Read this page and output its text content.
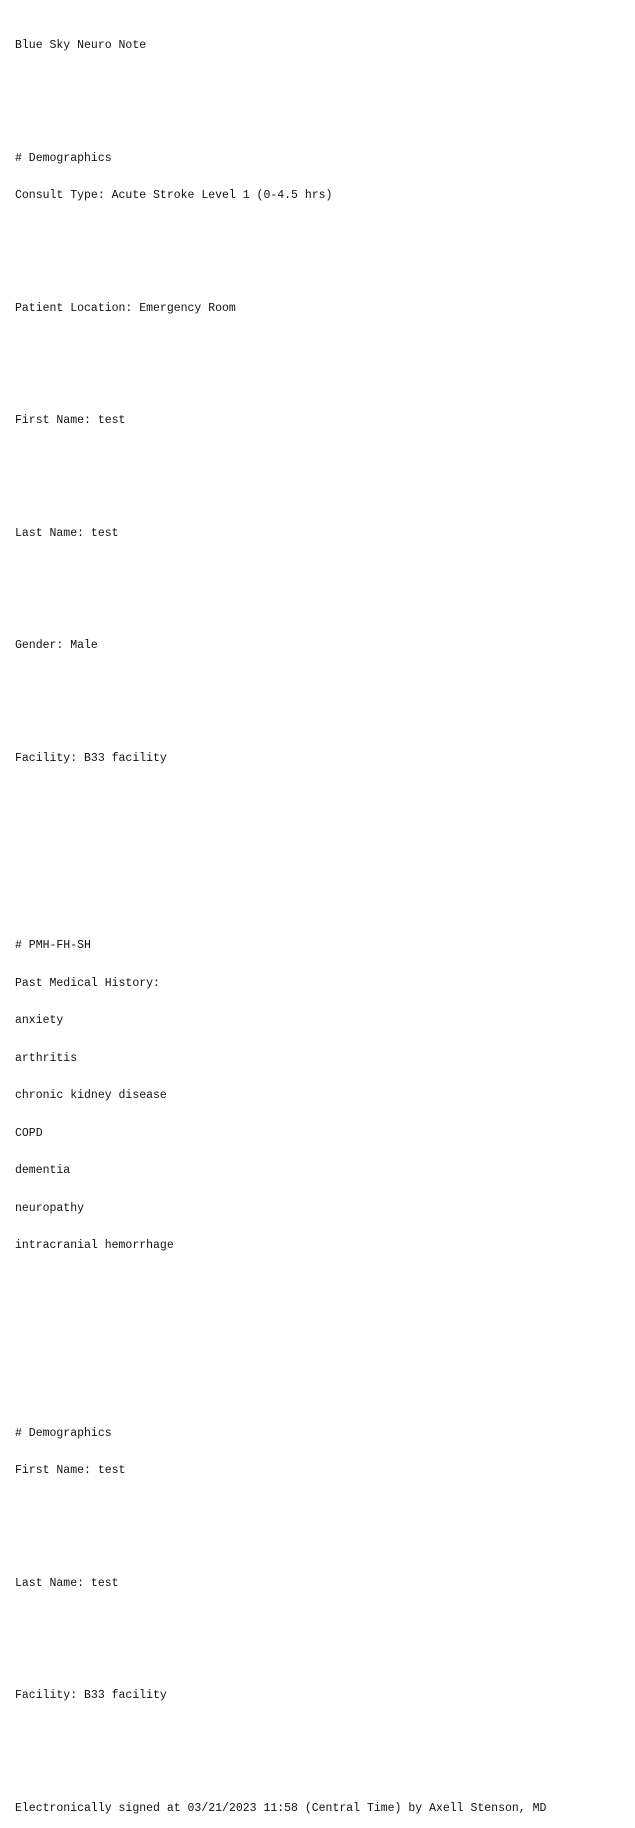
Blue Sky Neuro Note

# Demographics

Consult Type: Acute Stroke Level 1 (0-4.5 hrs)

Patient Location: Emergency Room

First Name: test

Last Name: test

Gender: Male

Facility: B33 facility

# PMH-FH-SH

Past Medical History:

anxiety

arthritis

chronic kidney disease

COPD

dementia

neuropathy

intracranial hemorrhage

# Demographics

First Name: test

Last Name: test

Facility: B33 facility

Electronically signed at 03/21/2023 11:58 (Central Time) by Axell Stenson, MD
